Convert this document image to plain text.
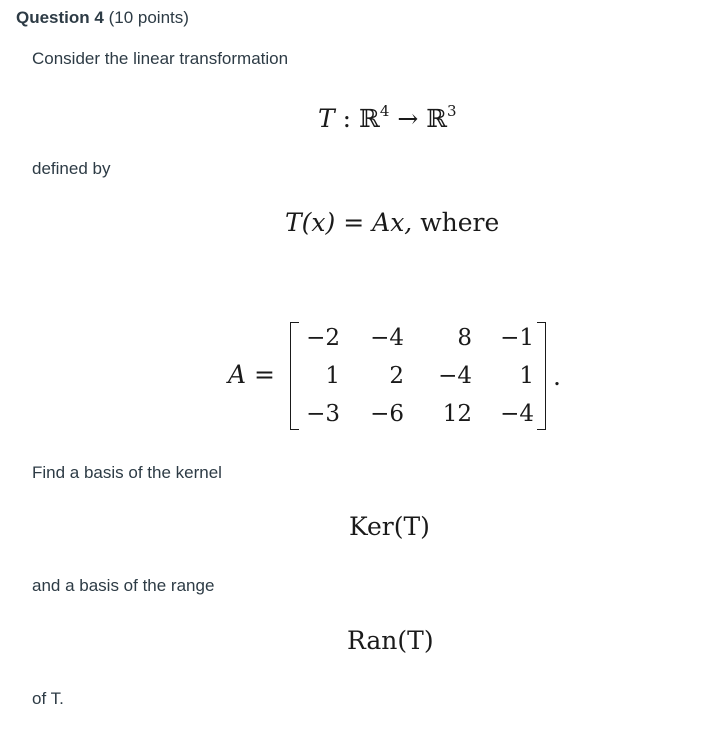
Question 4 (10 points)
Consider the linear transformation
T : ℝ$^4$ → ℝ$^3$
defined by
T(x) = Ax, where
A =
−2	−4	8	−1
1	2	−4	1
−3	−6	12	−4
.
Find a basis of the kernel
Ker(T)
and a basis of the range
Ran(T)
of T.
